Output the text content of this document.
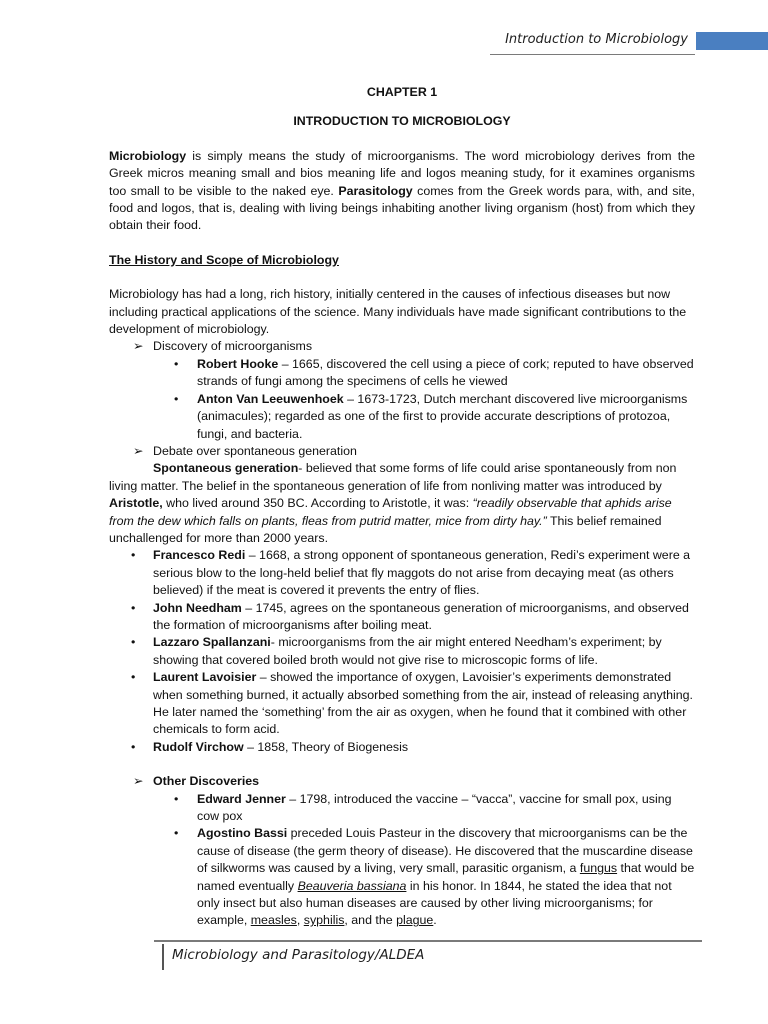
Introduction to Microbiology

CHAPTER 1

INTRODUCTION TO MICROBIOLOGY

Microbiology is simply means the study of microorganisms. The word microbiology derives from the Greek micros meaning small and bios meaning life and logos meaning study, for it examines organisms too small to be visible to the naked eye. Parasitology comes from the Greek words para, with, and site, food and logos, that is, dealing with living beings inhabiting another living organism (host) from which they obtain their food.

The History and Scope of Microbiology

Microbiology has had a long, rich history, initially centered in the causes of infectious diseases but now including practical applications of the science. Many individuals have made significant contributions to the development of microbiology.

➢ Discovery of microorganisms
• Robert Hooke – 1665, discovered the cell using a piece of cork; reputed to have observed strands of fungi among the specimens of cells he viewed
• Anton Van Leeuwenhoek – 1673-1723, Dutch merchant discovered live microorganisms (animacules); regarded as one of the first to provide accurate descriptions of protozoa, fungi, and bacteria.
➢ Debate over spontaneous generation

Spontaneous generation- believed that some forms of life could arise spontaneously from non living matter. The belief in the spontaneous generation of life from nonliving matter was introduced by Aristotle, who lived around 350 BC. According to Aristotle, it was: “readily observable that aphids arise from the dew which falls on plants, fleas from putrid matter, mice from dirty hay.” This belief remained unchallenged for more than 2000 years.

• Francesco Redi – 1668, a strong opponent of spontaneous generation, Redi’s experiment were a serious blow to the long-held belief that fly maggots do not arise from decaying meat (as others believed) if the meat is covered it prevents the entry of flies.
• John Needham – 1745, agrees on the spontaneous generation of microorganisms, and observed the formation of microorganisms after boiling meat.
• Lazzaro Spallanzani- microorganisms from the air might entered Needham’s experiment; by showing that covered boiled broth would not give rise to microscopic forms of life.
• Laurent Lavoisier – showed the importance of oxygen, Lavoisier’s experiments demonstrated when something burned, it actually absorbed something from the air, instead of releasing anything. He later named the ‘something’ from the air as oxygen, when he found that it combined with other chemicals to form acid.
• Rudolf Virchow – 1858, Theory of Biogenesis
➢ Other Discoveries
• Edward Jenner – 1798, introduced the vaccine – “vacca”, vaccine for small pox, using cow pox
• Agostino Bassi preceded Louis Pasteur in the discovery that microorganisms can be the cause of disease (the germ theory of disease). He discovered that the muscardine disease of silkworms was caused by a living, very small, parasitic organism, a fungus that would be named eventually Beauveria bassiana in his honor. In 1844, he stated the idea that not only insect but also human diseases are caused by other living microorganisms; for example, measles, syphilis, and the plague.
Microbiology and Parasitology/ALDEA
